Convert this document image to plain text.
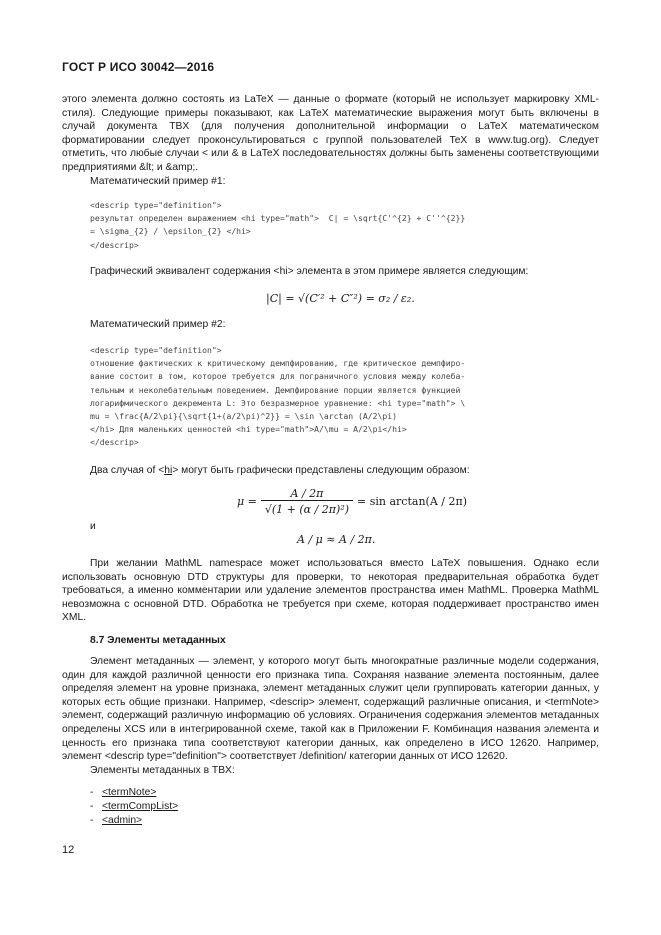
ГОСТ Р ИСО 30042—2016

этого элемента должно состоять из LaTeX — данные о формате (который не использует маркировку XML-стиля). Следующие примеры показывают, как LaTeX математические выражения могут быть включены в случай документа TBX (для получения дополнительной информации о LaTeX математическом форматировании следует проконсультироваться с группой пользователей TeX в www.tug.org). Следует отметить, что любые случаи < или & в LaTeX последовательностях должны быть заменены соответствующими предприятиями &lt; и &amp;.

Математический пример #1:

<descrip type="definition">
результат определен выражением <hi type="math">  C| = \sqrt{C'^{2} + C''^{2}}
= \sigma_{2} / \epsilon_{2} </hi>
</descrip>

Графический эквивалент содержания <hi> элемента в этом примере является следующим:

|C| = √(C′² + C″²) = σ₂ / ε₂.

Математический пример #2:

<descrip type="definition">
отношение фактических к критическому демпфированию, где критическое демпфиро-
вание состоит в том, которое требуется для пограничного условия между колеба-
тельным и неколебательным поведением. Демпфирование порции является функцией
логарифмического декремента L: Это безразмерное уравнение: <hi type="math"> \
mu = \frac{A/2\pi}{\sqrt{1+(a/2\pi)^2}} = \sin \arctan (A/2\pi)
</hi> Для маленьких ценностей <hi type="math">A/\mu = A/2\pi</hi>
</descrip>

Два случая of <hi> могут быть графически представлены следующим образом:

μ =	A / 2π	= sin arctan(A / 2π)
√(1 + (α / 2π)²)

и

A / μ ≈ A / 2π.

При желании MathML namespace может использоваться вместо LaTeX повышения. Однако если использовать основную DTD структуры для проверки, то некоторая предварительная обработка будет требоваться, а именно комментарии или удаление элементов пространства имен MathML. Проверка MathML невозможна с основной DTD. Обработка не требуется при схеме, которая поддерживает пространство имен XML.

8.7 Элементы метаданных

Элемент метаданных — элемент, у которого могут быть многократные различные модели содержания, один для каждой различной ценности его признака типа. Сохраняя название элемента постоянным, далее определяя элемент на уровне признака, элемент метаданных служит цели группировать категории данных, у которых есть общие признаки. Например, <descrip> элемент, содержащий различные описания, и <termNote> элемент, содержащий различную информацию об условиях. Ограничения содержания элементов метаданных определены XCS или в интегрированной схеме, такой как в Приложении F. Комбинация названия элемента и ценность его признака типа соответствуют категории данных, как определено в ИСО 12620. Например, элемент <descrip type="definition"> соответствует /definition/ категории данных от ИСО 12620.

Элементы метаданных в TBX:

- <termNote>
- <termCompList>
- <admin>
12
